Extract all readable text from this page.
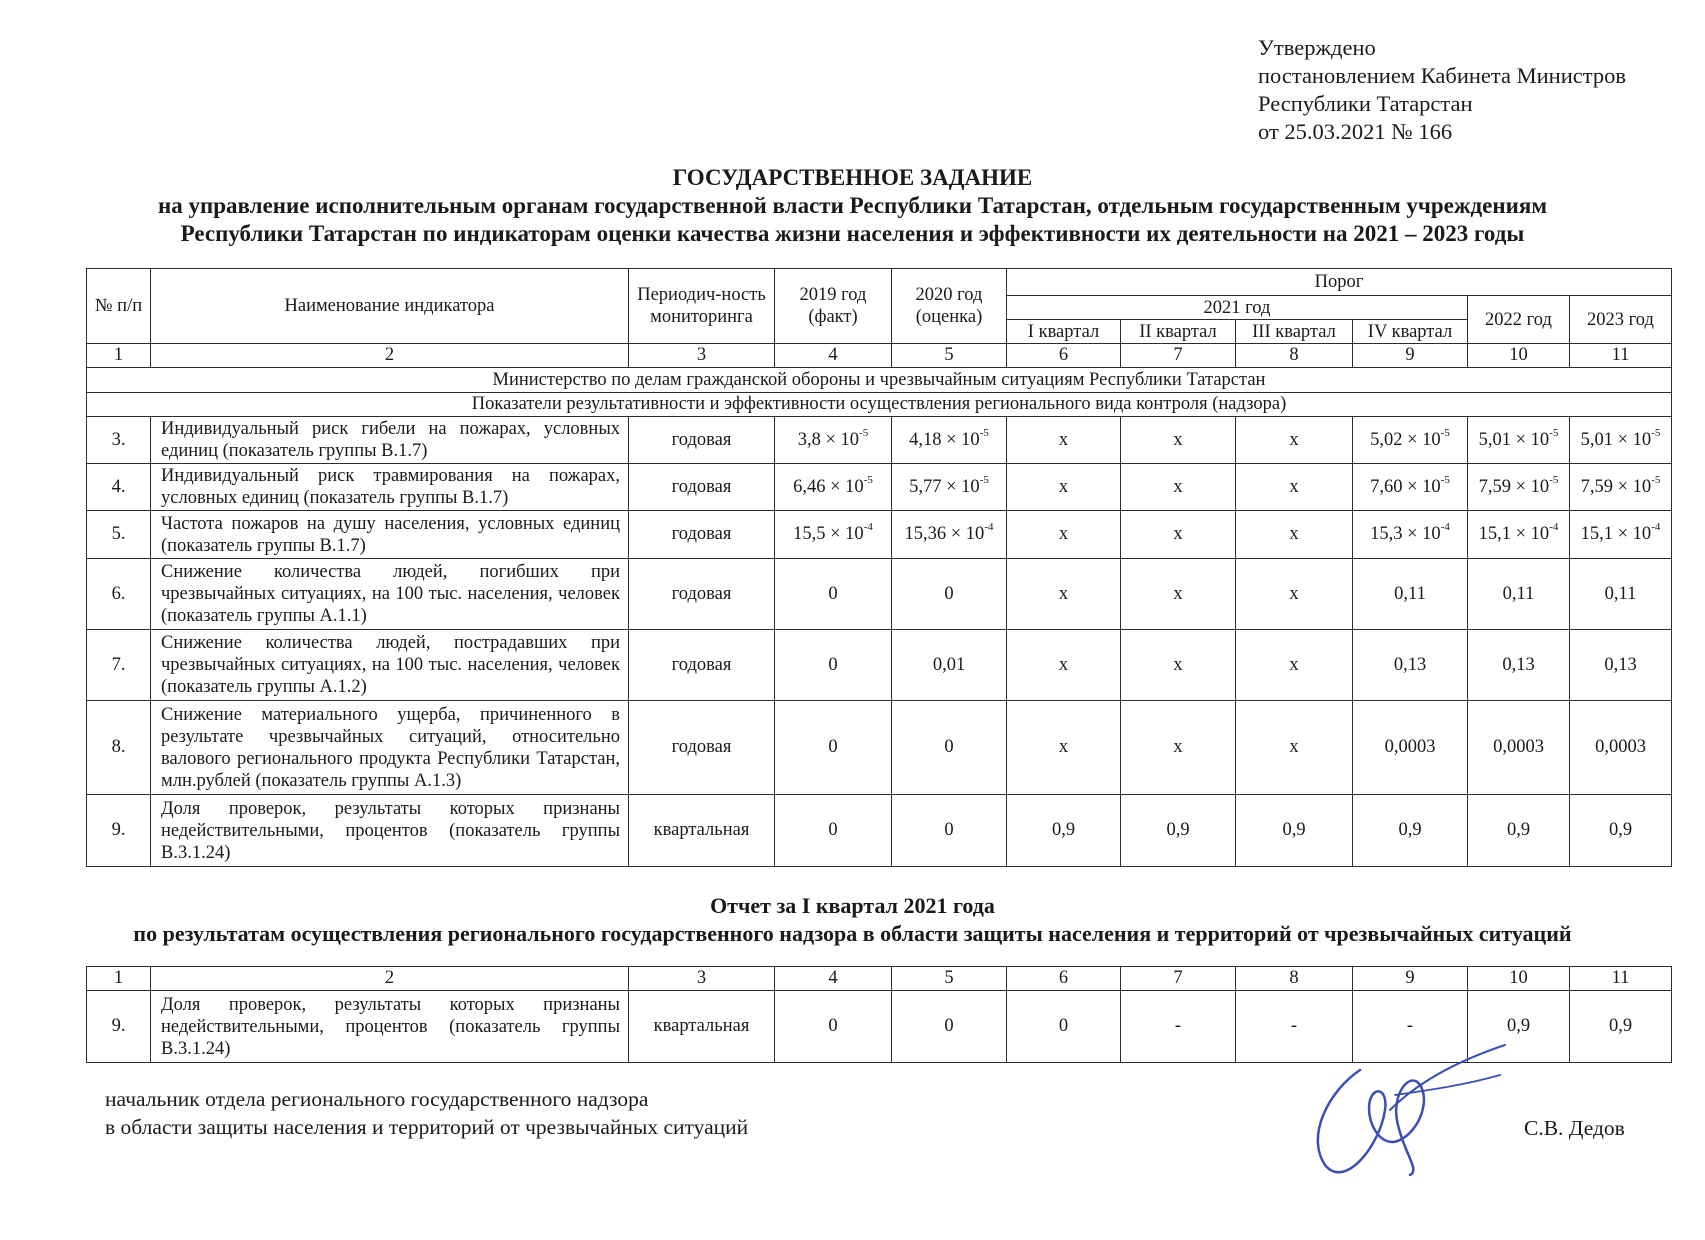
Утверждено
постановлением Кабинета Министров
Республики Татарстан
от 25.03.2021 № 166
ГОСУДАРСТВЕННОЕ ЗАДАНИЕ
на управление исполнительным органам государственной власти Республики Татарстан, отдельным государственным учреждениям
Республики Татарстан по индикаторам оценки качества жизни населения и эффективности их деятельности на 2021 – 2023 годы
№ п/п	Наименование индикатора	Периодич-ность мониторинга	2019 год (факт)	2020 год (оценка)	Порог					
					2021 год				2022 год	2023 год
					I квартал	II квартал	III квартал	IV квартал		
1	2	3	4	5	6	7	8	9	10	11
Министерство по делам гражданской обороны и чрезвычайным ситуациям Республики Татарстан										
Показатели результативности и эффективности осуществления регионального вида контроля (надзора)										
3.	Индивидуальный риск гибели на пожарах, условных единиц (показатель группы В.1.7)	годовая	$3,8 \times 10^{-5}$	$4,18 \times 10^{-5}$	х	х	х	$5,02 \times 10^{-5}$	$5,01 \times 10^{-5}$	$5,01 \times 10^{-5}$
4.	Индивидуальный риск травмирования на пожарах, условных единиц (показатель группы В.1.7)	годовая	$6,46 \times 10^{-5}$	$5,77 \times 10^{-5}$	х	х	х	$7,60 \times 10^{-5}$	$7,59 \times 10^{-5}$	$7,59 \times 10^{-5}$
5.	Частота пожаров на душу населения, условных единиц (показатель группы В.1.7)	годовая	$15,5 \times 10^{-4}$	$15,36 \times 10^{-4}$	х	х	х	$15,3 \times 10^{-4}$	$15,1 \times 10^{-4}$	$15,1 \times 10^{-4}$
6.	Снижение количества людей, погибших при чрезвычайных ситуациях, на 100 тыс. населения, человек (показатель группы А.1.1)	годовая	0	0	х	х	х	0,11	0,11	0,11
7.	Снижение количества людей, пострадавших при чрезвычайных ситуациях, на 100 тыс. населения, человек (показатель группы А.1.2)	годовая	0	0,01	х	х	х	0,13	0,13	0,13
8.	Снижение материального ущерба, причиненного в результате чрезвычайных ситуаций, относительно валового регионального продукта Республики Татарстан, млн.рублей (показатель группы А.1.3)	годовая	0	0	х	х	х	0,0003	0,0003	0,0003
9.	Доля проверок, результаты которых признаны недействительными, процентов (показатель группы В.3.1.24)	квартальная	0	0	0,9	0,9	0,9	0,9	0,9	0,9
Отчет за I квартал 2021 года
по результатам осуществления регионального государственного надзора в области защиты населения и территорий от чрезвычайных ситуаций
1	2	3	4	5	6	7	8	9	10	11
9.	Доля проверок, результаты которых признаны недействительными, процентов (показатель группы В.3.1.24)	квартальная	0	0	0	-	-	-	0,9	0,9
начальник отдела регионального государственного надзора
в области защиты населения и территорий от чрезвычайных ситуаций	С.В. Дедов
